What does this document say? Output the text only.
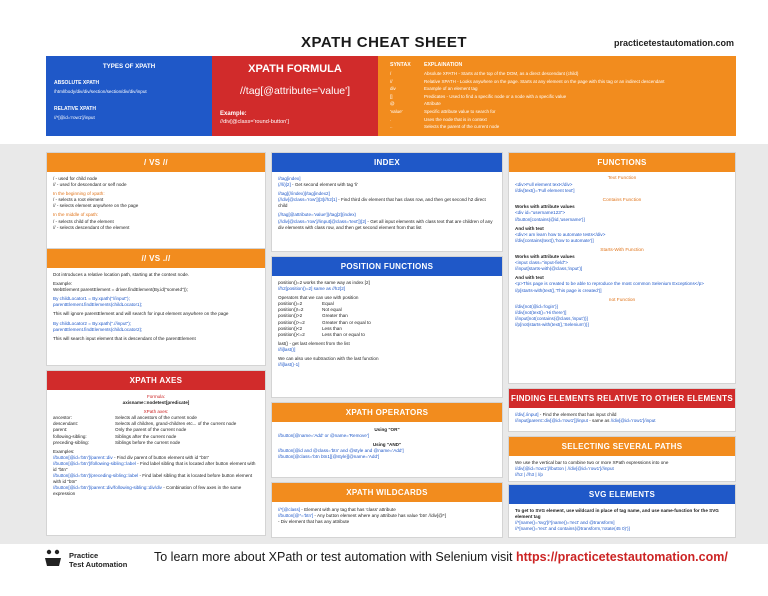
XPATH CHEAT SHEET	practicetestautomation.com
TYPES OF XPATH
ABSOLUTE XPATH
/html/body/div/div/section/section/div/div/input
RELATIVE XPATH
//*[@id='row1']/input
XPATH FORMULA
//tag[@attribute='value']
Example:
//div[@class='round-button']
SYNTAX	EXPLAINATION
/	Absolute XPATH - Starts at the top of the DOM, as a direct descendant (child)
//	Relative XPATH - Looks anywhere on the page. Starts at any element on the page with this tag or an indirect descendant
div	Example of an element tag
[]	Predicates - Used to find a specific node or a node with a specific value
@	Attribute
'value'	Specific attribute value to search for
.	Uses the node that is in context
..	Selects the parent of the current node
/ VS //
/ - used for child node
// - used for descendant or self node
In the beginning of xpath:
/ - selects a root element
// - selects element anywhere on the page
In the middle of xpath:
/ - selects child of the element
// - selects descendant of the element
// VS .//
Dot introduces a relative location path, starting at the context node.
Example:
WebElement parentElement = driver.findElement(By.id("someId"));
By childLocator1 = By.xpath("//input");
parentElement.findElements(childLocator1);
This will ignore parentElement and will search for input element anywhere on the page
By childLocator2 = By.xpath(".//input");
parentElement.findElements(childLocator2);
This will search input element that is descendant of the parentElement
XPATH AXES
Formula:
axisname::nodetest[predicate]
XPath axes:
ancestor:	Selects all ancestors of the current node
descendant:	Selects all children, grand-children etc... of the current node
parent:	Only the parent of the current node
following-sibling:	Siblings after the current node
preceding-sibling:	Siblings before the current node
Examples:
//button[@id='btn']/parent::div - Find div parent of button element with id "btn"
//button[@id='btn']/following-sibling::label - Find label sibling that is located after button element with id "btn"
//button[@id='btn']/preceding-sibling::label - Find label sibling that is located before button element with id "btn"
//button[@id='btn']/parent::div/following-sibling::div/div - Combination of few axes in the same expression
INDEX
//tag[index]
(//li)[2] - Get second element with tag 'li'
//tag[(//index)]/tag[index2]
(//div[@class='row'])[3]//h2[1] - Find third div element that has class row, and then get second h2 direct child
(//tag[@attribute='value'])/tag[2](index)
(//div[@class='row']//input[@class='text'])[2] - Get all input elements with class text that are children of any div elements with class row, and then get second element from that list
POSITION FUNCTIONS
position()=2 works the same way as index [2]
//h2[position()=2] same as //h2[2]
Operators that we can use with position
position()=2	Equal
position()!=2	Not equal
position()>2	Greater than
position()>=2	Greater than or equal to
position()<2	Less than
position()<=2	Less than or equal to
last() - get last element from the list
//li[last()]
We can also use subtraction with the last function
//li[last()-1]
XPATH OPERATORS
Using "OR"
//button[@name='Add' or @name='Remove']
Using "AND"
//button[@id and @class='btn' and @style and @name='Add']
//button[@class='btn btn1][@style][@name='Add']
XPATH WILDCARDS
//*[@class] - Element with any tag that has 'class' attribute
//button[@*='btn'] - Any button element where any attribute has value 'btn' //div[@*]
- Div element that has any attribute
FUNCTIONS
Text Function
<div>Full element text</div>
//div[text()='Full element text']
Contains Function
Works with attribute values
<div id="username123">
//button[contains(@id,'username')]
And with text
<div>I am learn how to automate tests</div>
//div[contains(text(),'how to automate')]
Starts-With Function
Works with attribute values
<input class="input-field">
//input[starts-with(@class,'input')]
And with text
<p>This page is created to be able to reproduce the most common Selenium Exceptions</p>
//p[starts-with(text(),'This page is created')]
not Function
//div[not(@id='login')]
//div[not(text()='Hi there')]
//input[not(contains(@class,'input'))]
//p[not(starts-with(text(),'Selenium'))]
FINDING ELEMENTS RELATIVE TO OTHER ELEMENTS
//div[./input] - Find the element that has input child
//input[parent::div[@id='row1']]/input - same as //div[@id='row1']/input
SELECTING SEVERAL PATHS
We use the vertical bar to combine two or more XPath expressions into one
//div[@id='row1']//button | //div[@id='row1']//input
//h2 | //h3 | //p
SVG ELEMENTS
To get to SVG element, use wildcard in place of tag name, and use name-function for the SVG element tag
//*[name()='svg']/*[name()='rect' and @transform]
//*[name()='rect' and contains(@transform,'rotate(45 0)')]
Practice
Test Automation
To learn more about XPath or test automation with Selenium visit https://practicetestautomation.com/
